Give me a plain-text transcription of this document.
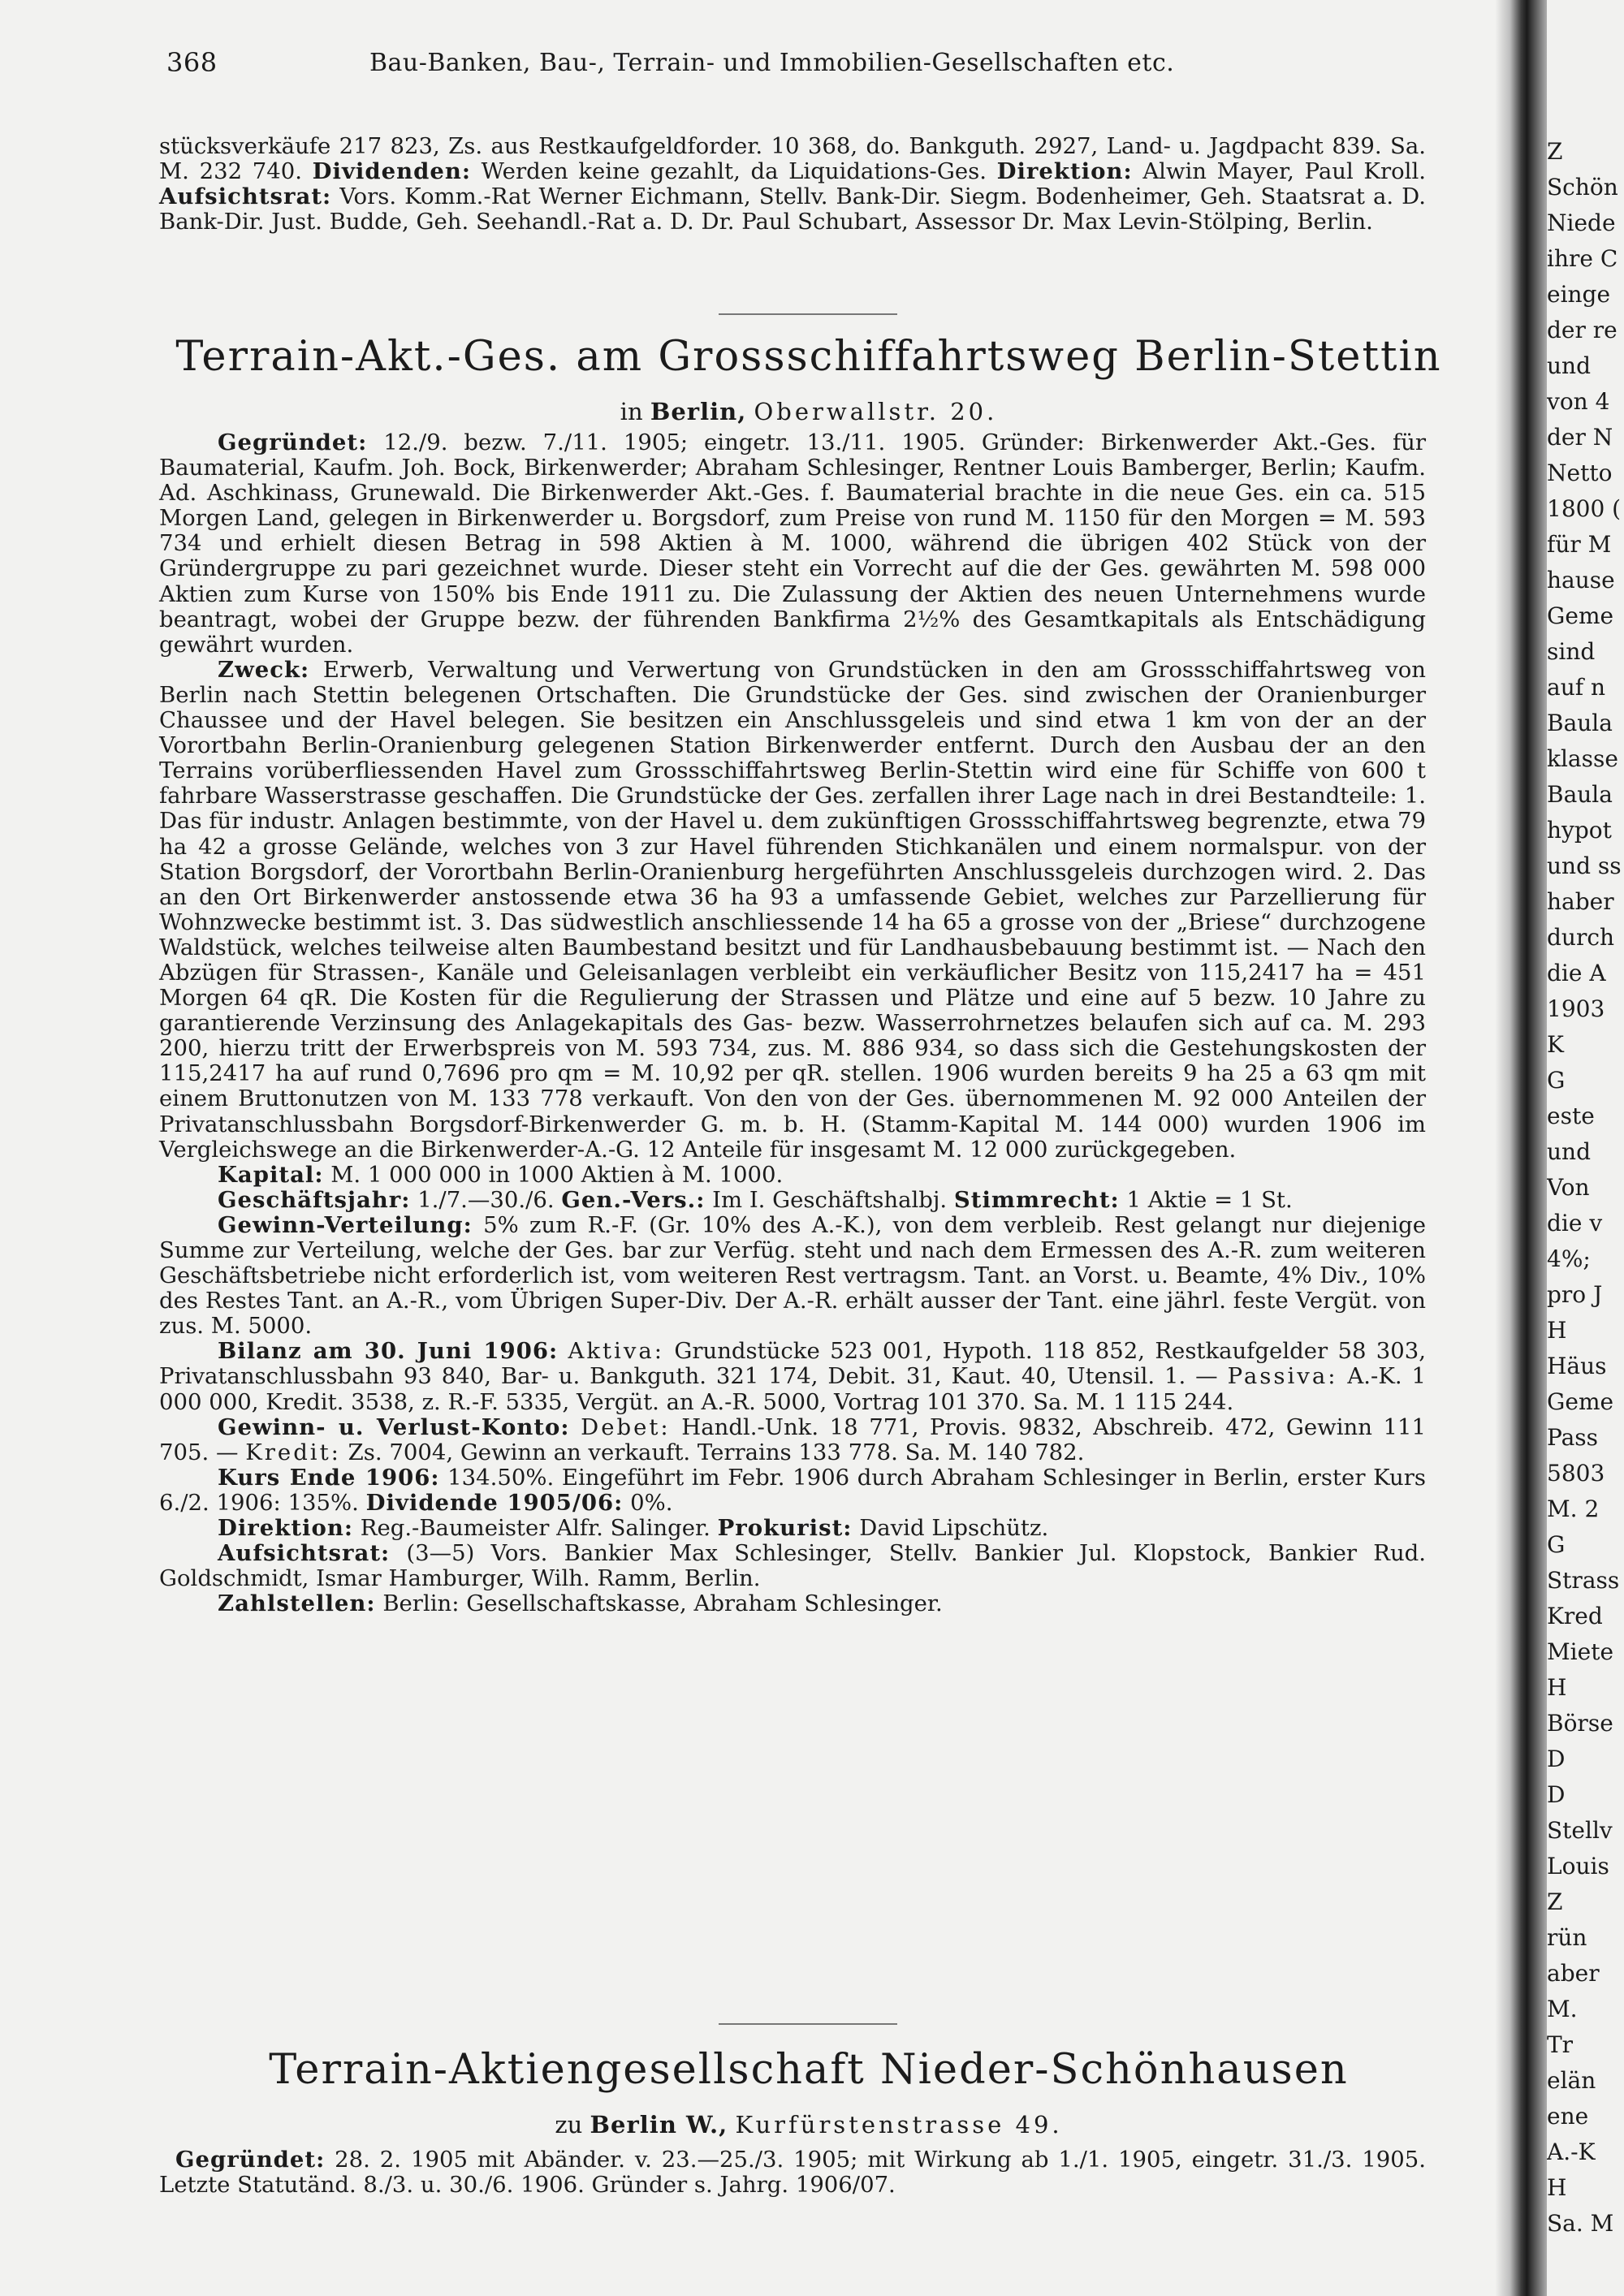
368	Bau-Banken, Bau-, Terrain- und Immobilien-Gesellschaften etc.
stücksverkäufe 217 823, Zs. aus Restkaufgeldforder. 10 368, do. Bankguth. 2927, Land- u. Jagdpacht 839. Sa. M. 232 740. Dividenden: Werden keine gezahlt, da Liquidations-Ges. Direktion: Alwin Mayer, Paul Kroll. Aufsichtsrat: Vors. Komm.-Rat Werner Eichmann, Stellv. Bank-Dir. Siegm. Bodenheimer, Geh. Staatsrat a. D. Bank-Dir. Just. Budde, Geh. Seehandl.-Rat a. D. Dr. Paul Schubart, Assessor Dr. Max Levin-Stölping, Berlin.
Terrain-Akt.-Ges. am Grossschiffahrtsweg Berlin-Stettin
in Berlin, Oberwallstr. 20.
Gegründet: 12./9. bezw. 7./11. 1905; eingetr. 13./11. 1905. Gründer: Birkenwerder Akt.-Ges. für Baumaterial, Kaufm. Joh. Bock, Birkenwerder; Abraham Schlesinger, Rentner Louis Bamberger, Berlin; Kaufm. Ad. Aschkinass, Grunewald. Die Birkenwerder Akt.-Ges. f. Baumaterial brachte in die neue Ges. ein ca. 515 Morgen Land, gelegen in Birkenwerder u. Borgsdorf, zum Preise von rund M. 1150 für den Morgen = M. 593 734 und erhielt diesen Betrag in 598 Aktien à M. 1000, während die übrigen 402 Stück von der Gründergruppe zu pari gezeichnet wurde. Dieser steht ein Vorrecht auf die der Ges. gewährten M. 598 000 Aktien zum Kurse von 150% bis Ende 1911 zu. Die Zulassung der Aktien des neuen Unternehmens wurde beantragt, wobei der Gruppe bezw. der führenden Bankfirma 2½% des Gesamtkapitals als Entschädigung gewährt wurden.
Zweck: Erwerb, Verwaltung und Verwertung von Grundstücken in den am Grossschiffahrtsweg von Berlin nach Stettin belegenen Ortschaften. Die Grundstücke der Ges. sind zwischen der Oranienburger Chaussee und der Havel belegen. Sie besitzen ein Anschlussgeleis und sind etwa 1 km von der an der Vorortbahn Berlin-Oranienburg gelegenen Station Birkenwerder entfernt. Durch den Ausbau der an den Terrains vorüberfliessenden Havel zum Grossschiffahrtsweg Berlin-Stettin wird eine für Schiffe von 600 t fahrbare Wasserstrasse geschaffen. Die Grundstücke der Ges. zerfallen ihrer Lage nach in drei Bestandteile: 1. Das für industr. Anlagen bestimmte, von der Havel u. dem zukünftigen Grossschiffahrtsweg begrenzte, etwa 79 ha 42 a grosse Gelände, welches von 3 zur Havel führenden Stichkanälen und einem normalspur. von der Station Borgsdorf, der Vorortbahn Berlin-Oranienburg hergeführten Anschlussgeleis durchzogen wird. 2. Das an den Ort Birkenwerder anstossende etwa 36 ha 93 a umfassende Gebiet, welches zur Parzellierung für Wohnzwecke bestimmt ist. 3. Das südwestlich anschliessende 14 ha 65 a grosse von der „Briese“ durchzogene Waldstück, welches teilweise alten Baumbestand besitzt und für Landhausbebauung bestimmt ist. — Nach den Abzügen für Strassen-, Kanäle und Geleisanlagen verbleibt ein verkäuflicher Besitz von 115,2417 ha = 451 Morgen 64 qR. Die Kosten für die Regulierung der Strassen und Plätze und eine auf 5 bezw. 10 Jahre zu garantierende Verzinsung des Anlagekapitals des Gas- bezw. Wasserrohrnetzes belaufen sich auf ca. M. 293 200, hierzu tritt der Erwerbspreis von M. 593 734, zus. M. 886 934, so dass sich die Gestehungskosten der 115,2417 ha auf rund 0,7696 pro qm = M. 10,92 per qR. stellen. 1906 wurden bereits 9 ha 25 a 63 qm mit einem Bruttonutzen von M. 133 778 verkauft. Von den von der Ges. übernommenen M. 92 000 Anteilen der Privatanschlussbahn Borgsdorf-Birkenwerder G. m. b. H. (Stamm-Kapital M. 144 000) wurden 1906 im Vergleichswege an die Birkenwerder-A.-G. 12 Anteile für insgesamt M. 12 000 zurückgegeben.
Kapital: M. 1 000 000 in 1000 Aktien à M. 1000.
Geschäftsjahr: 1./7.—30./6. Gen.-Vers.: Im I. Geschäftshalbj. Stimmrecht: 1 Aktie = 1 St.
Gewinn-Verteilung: 5% zum R.-F. (Gr. 10% des A.-K.), von dem verbleib. Rest gelangt nur diejenige Summe zur Verteilung, welche der Ges. bar zur Verfüg. steht und nach dem Ermessen des A.-R. zum weiteren Geschäftsbetriebe nicht erforderlich ist, vom weiteren Rest vertragsm. Tant. an Vorst. u. Beamte, 4% Div., 10% des Restes Tant. an A.-R., vom Übrigen Super-Div. Der A.-R. erhält ausser der Tant. eine jährl. feste Vergüt. von zus. M. 5000.
Bilanz am 30. Juni 1906: Aktiva: Grundstücke 523 001, Hypoth. 118 852, Restkaufgelder 58 303, Privatanschlussbahn 93 840, Bar- u. Bankguth. 321 174, Debit. 31, Kaut. 40, Utensil. 1. — Passiva: A.-K. 1 000 000, Kredit. 3538, z. R.-F. 5335, Vergüt. an A.-R. 5000, Vortrag 101 370. Sa. M. 1 115 244.
Gewinn- u. Verlust-Konto: Debet: Handl.-Unk. 18 771, Provis. 9832, Abschreib. 472, Gewinn 111 705. — Kredit: Zs. 7004, Gewinn an verkauft. Terrains 133 778. Sa. M. 140 782.
Kurs Ende 1906: 134.50%. Eingeführt im Febr. 1906 durch Abraham Schlesinger in Berlin, erster Kurs 6./2. 1906: 135%. Dividende 1905/06: 0%.
Direktion: Reg.-Baumeister Alfr. Salinger. Prokurist: David Lipschütz.
Aufsichtsrat: (3—5) Vors. Bankier Max Schlesinger, Stellv. Bankier Jul. Klopstock, Bankier Rud. Goldschmidt, Ismar Hamburger, Wilh. Ramm, Berlin.
Zahlstellen: Berlin: Gesellschaftskasse, Abraham Schlesinger.
Terrain-Aktiengesellschaft Nieder-Schönhausen
zu Berlin W., Kurfürstenstrasse 49.
Gegründet: 28. 2. 1905 mit Abänder. v. 23.—25./3. 1905; mit Wirkung ab 1./1. 1905, eingetr. 31./3. 1905. Letzte Statutänd. 8./3. u. 30./6. 1906. Gründer s. Jahrg. 1906/07.
Z
Schön
Niede
ihre C
einge
der re
und
von 4
der N
Netto
1800 (
für M
hause
Geme
sind
auf n
Baula
klasse
Baula
hypot
und ss
haber
durch
die A
1903
K
G
este
und
Von
die v
4%;
pro J
H
Häus
Geme
Pass
5803
M. 2
G
Strass
Kred
Miete
H
Börse
D
D
Stellv
Louis
Z
rün
aber
M.
Tr
elän
ene
A.-K
H
Sa. M
